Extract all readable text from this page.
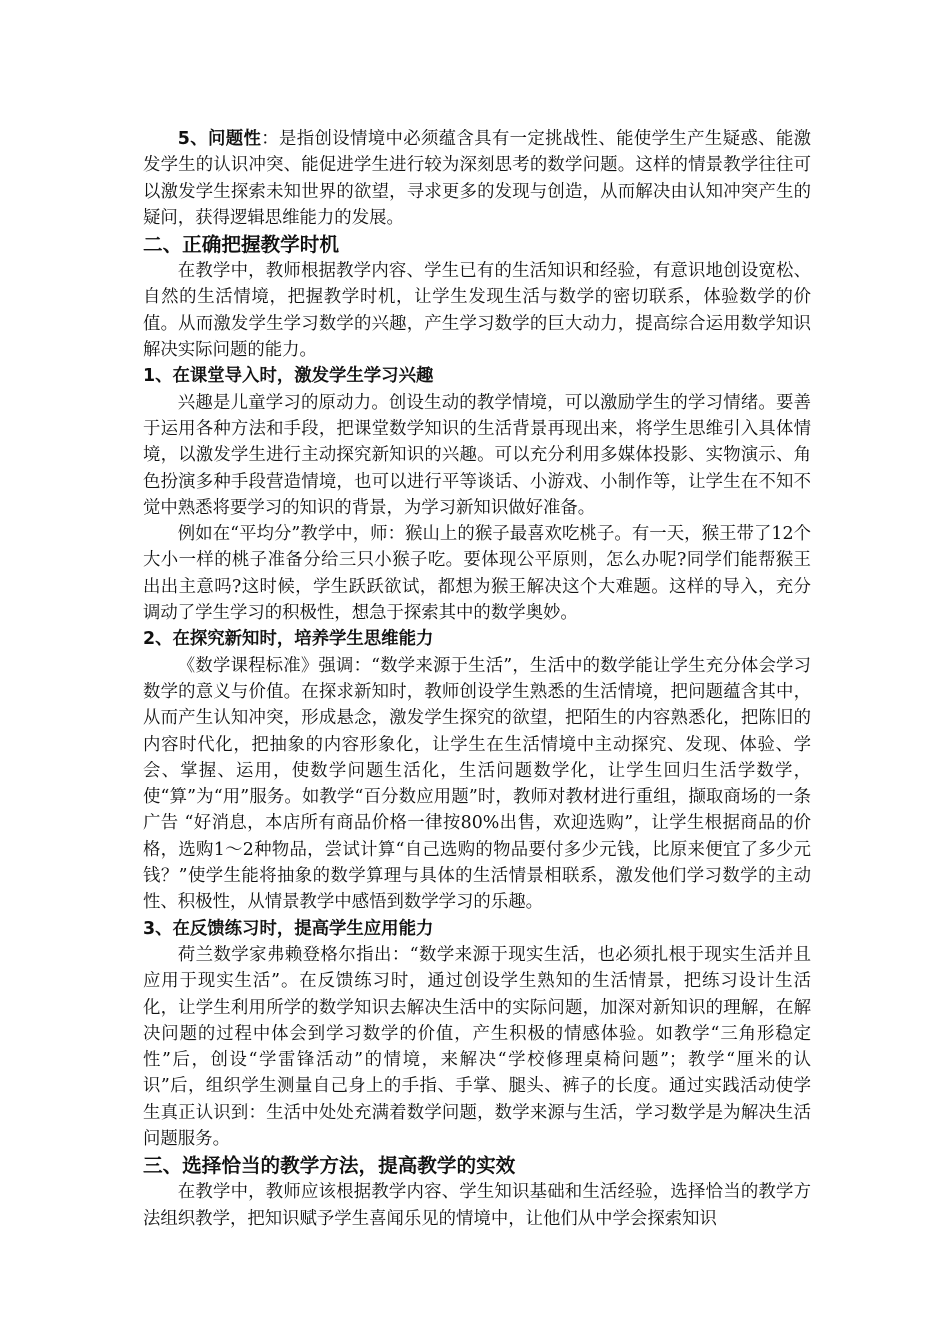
5、问题性：是指创设情境中必须蕴含具有一定挑战性、能使学生产生疑惑、能激发学生的认识冲突、能促进学生进行较为深刻思考的数学问题。这样的情景教学往往可以激发学生探索未知世界的欲望，寻求更多的发现与创造，从而解决由认知冲突产生的疑问，获得逻辑思维能力的发展。

二、正确把握教学时机

在教学中，教师根据教学内容、学生已有的生活知识和经验，有意识地创设宽松、自然的生活情境，把握教学时机，让学生发现生活与数学的密切联系，体验数学的价值。从而激发学生学习数学的兴趣，产生学习数学的巨大动力，提高综合运用数学知识解决实际问题的能力。

1、在课堂导入时，激发学生学习兴趣

兴趣是儿童学习的原动力。创设生动的教学情境，可以激励学生的学习情绪。要善于运用各种方法和手段，把课堂数学知识的生活背景再现出来，将学生思维引入具体情境，以激发学生进行主动探究新知识的兴趣。可以充分利用多媒体投影、实物演示、角色扮演多种手段营造情境，也可以进行平等谈话、小游戏、小制作等，让学生在不知不觉中熟悉将要学习的知识的背景，为学习新知识做好准备。

例如在“平均分”教学中，师：猴山上的猴子最喜欢吃桃子。有一天，猴王带了12个大小一样的桃子准备分给三只小猴子吃。要体现公平原则，怎么办呢?同学们能帮猴王出出主意吗?这时候，学生跃跃欲试，都想为猴王解决这个大难题。这样的导入，充分调动了学生学习的积极性，想急于探索其中的数学奥妙。

2、在探究新知时，培养学生思维能力

《数学课程标准》强调：“数学来源于生活”，生活中的数学能让学生充分体会学习数学的意义与价值。在探求新知时，教师创设学生熟悉的生活情境，把问题蕴含其中，从而产生认知冲突，形成悬念，激发学生探究的欲望，把陌生的内容熟悉化，把陈旧的内容时代化，把抽象的内容形象化，让学生在生活情境中主动探究、发现、体验、学会、掌握、运用，使数学问题生活化，生活问题数学化，让学生回归生活学数学，使“算”为“用”服务。如教学“百分数应用题”时，教师对教材进行重组，撷取商场的一条广告 “好消息，本店所有商品价格一律按80%出售，欢迎选购”，让学生根据商品的价格，选购1～2种物品，尝试计算“自己选购的物品要付多少元钱，比原来便宜了多少元钱？”使学生能将抽象的数学算理与具体的生活情景相联系，激发他们学习数学的主动性、积极性，从情景教学中感悟到数学学习的乐趣。

3、在反馈练习时，提高学生应用能力

荷兰数学家弗赖登格尔指出：“数学来源于现实生活，也必须扎根于现实生活并且应用于现实生活”。在反馈练习时，通过创设学生熟知的生活情景，把练习设计生活化，让学生利用所学的数学知识去解决生活中的实际问题，加深对新知识的理解，在解决问题的过程中体会到学习数学的价值，产生积极的情感体验。如教学“三角形稳定性”后，创设“学雷锋活动”的情境，来解决“学校修理桌椅问题”；教学“厘米的认识”后，组织学生测量自己身上的手指、手掌、腿头、裤子的长度。通过实践活动使学生真正认识到：生活中处处充满着数学问题，数学来源与生活，学习数学是为解决生活问题服务。

三、选择恰当的教学方法，提高教学的实效

在教学中，教师应该根据教学内容、学生知识基础和生活经验，选择恰当的教学方法组织教学，把知识赋予学生喜闻乐见的情境中，让他们从中学会探索知识
